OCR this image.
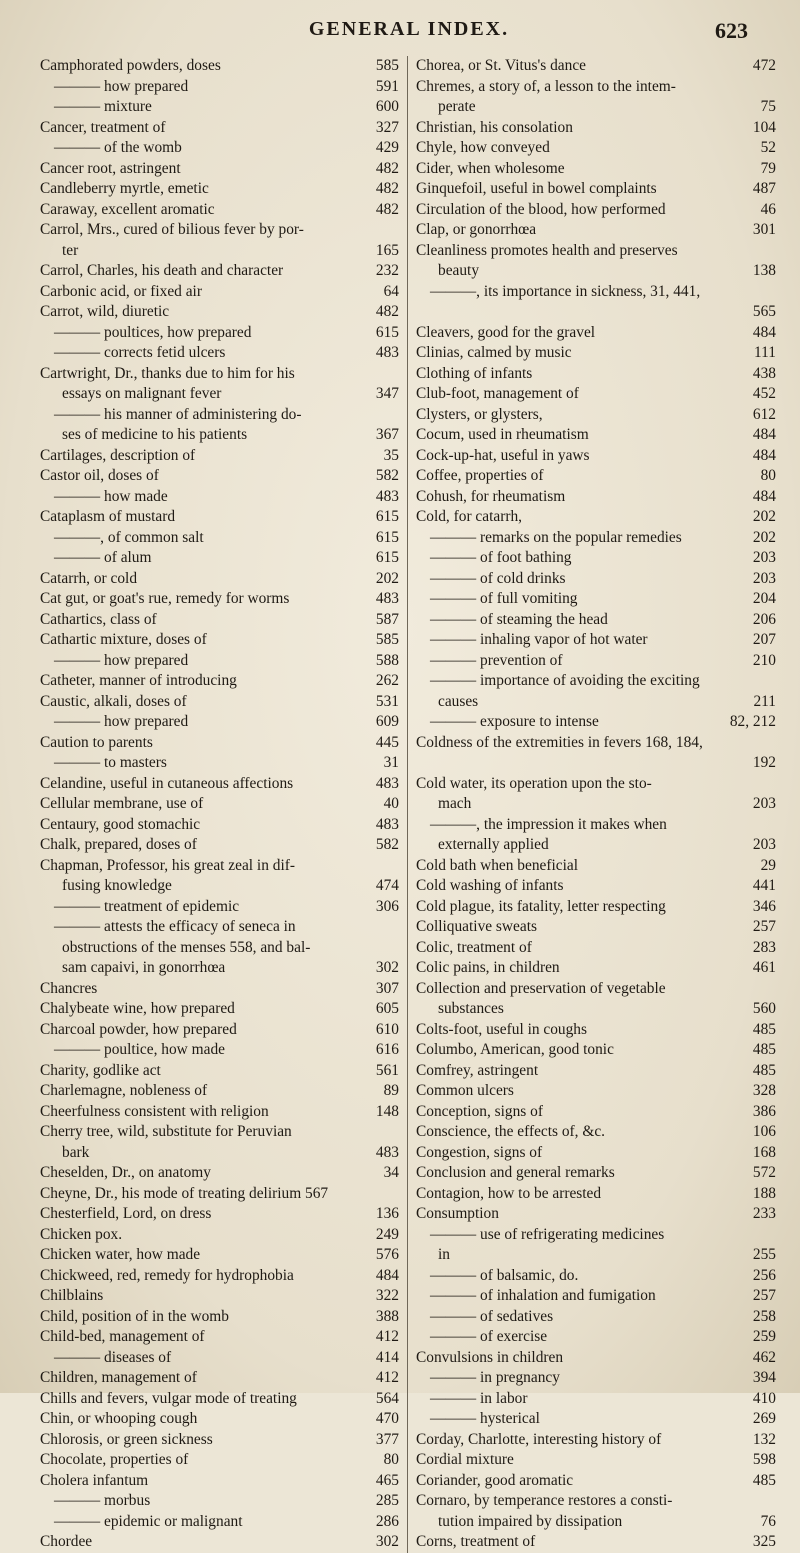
GENERAL INDEX.	623
Camphorated powders, doses	585
——— how prepared	591
——— mixture	600
Cancer, treatment of	327
——— of the womb	429
Cancer root, astringent	482
Candleberry myrtle, emetic	482
Caraway, excellent aromatic	482
Carrol, Mrs., cured of bilious fever by por-
ter	165
Carrol, Charles, his death and character	232
Carbonic acid, or fixed air	64
Carrot, wild, diuretic	482
——— poultices, how prepared	615
——— corrects fetid ulcers	483
Cartwright, Dr., thanks due to him for his
essays on malignant fever	347
——— his manner of administering do-
ses of medicine to his patients	367
Cartilages, description of	35
Castor oil, doses of	582
——— how made	483
Cataplasm of mustard	615
———, of common salt	615
——— of alum	615
Catarrh, or cold	202
Cat gut, or goat's rue, remedy for worms	483
Cathartics, class of	587
Cathartic mixture, doses of	585
——— how prepared	588
Catheter, manner of introducing	262
Caustic, alkali, doses of	531
——— how prepared	609
Caution to parents	445
——— to masters	31
Celandine, useful in cutaneous affections	483
Cellular membrane, use of	40
Centaury, good stomachic	483
Chalk, prepared, doses of	582
Chapman, Professor, his great zeal in dif-
fusing knowledge	474
——— treatment of epidemic	306
——— attests the efficacy of seneca in
obstructions of the menses 558, and bal-
sam capaivi, in gonorrhœa	302
Chancres	307
Chalybeate wine, how prepared	605
Charcoal powder, how prepared	610
——— poultice, how made	616
Charity, godlike act	561
Charlemagne, nobleness of	89
Cheerfulness consistent with religion	148
Cherry tree, wild, substitute for Peruvian
bark	483
Cheselden, Dr., on anatomy	34
Cheyne, Dr., his mode of treating delirium 567
Chesterfield, Lord, on dress	136
Chicken pox.	249
Chicken water, how made	576
Chickweed, red, remedy for hydrophobia	484
Chilblains	322
Child, position of in the womb	388
Child-bed, management of	412
——— diseases of	414
Children, management of	412
Chills and fevers, vulgar mode of treating	564
Chin, or whooping cough	470
Chlorosis, or green sickness	377
Chocolate, properties of	80
Cholera infantum	465
——— morbus	285
——— epidemic or malignant	286
Chordee	302
Chorea, or St. Vitus's dance	472
Chremes, a story of, a lesson to the intem-
perate	75
Christian, his consolation	104
Chyle, how conveyed	52
Cider, when wholesome	79
Ginquefoil, useful in bowel complaints	487
Circulation of the blood, how performed	46
Clap, or gonorrhœa	301
Cleanliness promotes health and preserves
beauty	138
———, its importance in sickness, 31, 441,
565
Cleavers, good for the gravel	484
Clinias, calmed by music	111
Clothing of infants	438
Club-foot, management of	452
Clysters, or glysters,	612
Cocum, used in rheumatism	484
Cock-up-hat, useful in yaws	484
Coffee, properties of	80
Cohush, for rheumatism	484
Cold, for catarrh,	202
——— remarks on the popular remedies	202
——— of foot bathing	203
——— of cold drinks	203
——— of full vomiting	204
——— of steaming the head	206
——— inhaling vapor of hot water	207
——— prevention of	210
——— importance of avoiding the exciting
causes	211
——— exposure to intense	82, 212
Coldness of the extremities in fevers 168, 184,
192
Cold water, its operation upon the sto-
mach	203
———, the impression it makes when
externally applied	203
Cold bath when beneficial	29
Cold washing of infants	441
Cold plague, its fatality, letter respecting	346
Colliquative sweats	257
Colic, treatment of	283
Colic pains, in children	461
Collection and preservation of vegetable
substances	560
Colts-foot, useful in coughs	485
Columbo, American, good tonic	485
Comfrey, astringent	485
Common ulcers	328
Conception, signs of	386
Conscience, the effects of, &c.	106
Congestion, signs of	168
Conclusion and general remarks	572
Contagion, how to be arrested	188
Consumption	233
——— use of refrigerating medicines
in	255
——— of balsamic, do.	256
——— of inhalation and fumigation	257
——— of sedatives	258
——— of exercise	259
Convulsions in children	462
——— in pregnancy	394
——— in labor	410
——— hysterical	269
Corday, Charlotte, interesting history of	132
Cordial mixture	598
Coriander, good aromatic	485
Cornaro, by temperance restores a consti-
tution impaired by dissipation	76
Corns, treatment of	325
